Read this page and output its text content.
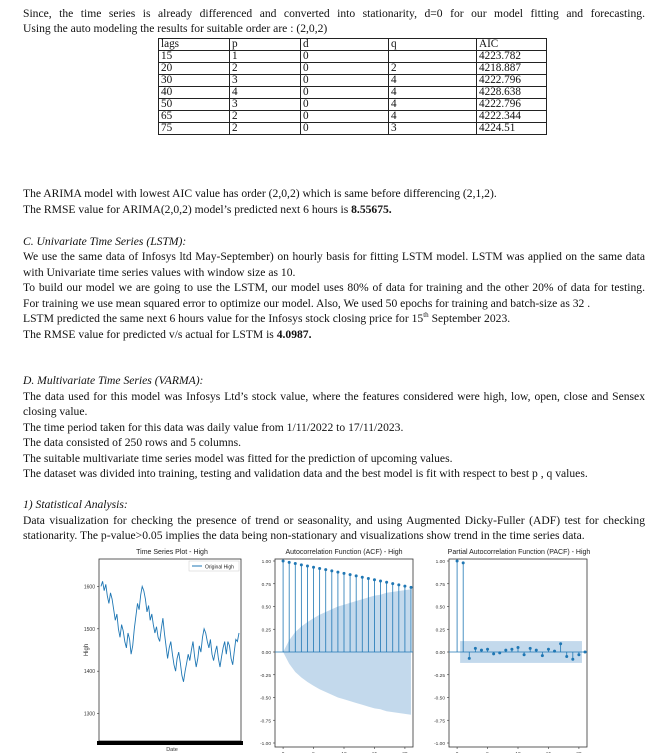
Since, the time series is already differenced and converted into stationarity, d=0 for our model fitting and forecasting.
Using the auto modeling the results for suitable order are : (2,0,2)
lags	p	d	q	AIC
15	1	0		4223.782
20	2	0	2	4218.887
30	3	0	4	4222.796
40	4	0	4	4228.638
50	3	0	4	4222.796
65	2	0	4	4222.344
75	2	0	3	4224.51
The ARIMA model with lowest AIC value has order (2,0,2) which is same before differencing (2,1,2).
The RMSE value for ARIMA(2,0,2) model’s predicted next 6 hours is 8.55675.
C. Univariate Time Series (LSTM):
We use the same data of Infosys ltd May-September) on hourly basis for fitting LSTM model. LSTM was applied on the same data
with Univariate time series values with window size as 10.
To build our model we are going to use the LSTM, our model uses 80% of data for training and the other 20% of data for testing.
For training we use mean squared error to optimize our model. Also, We used 50 epochs for training and batch-size as 32 .
LSTM predicted the same next 6 hours value for the Infosys stock closing price for 15th September 2023.
The RMSE value for predicted v/s actual for LSTM is 4.0987.
D. Multivariate Time Series (VARMA):
The data used for this model was Infosys Ltd’s stock value, where the features considered were high, low, open, close and Sensex
closing value.
The time period taken for this data was daily value from 1/11/2022 to 17/11/2023.
The data consisted of 250 rows and 5 columns.
The suitable multivariate time series model was fitted for the prediction of upcoming values.
The dataset was divided into training, testing and validation data and the best model is fit with respect to best p , q values.
1) Statistical Analysis:
Data visualization for checking the presence of trend or seasonality, and using Augmented Dicky-Fuller (ADF) test for checking
stationarity. The p-value>0.05 implies the data being non-stationary and visualizations show trend in the time series data.
Time Series Plot - High
High
Date
1600
1500
1400
1300
Original High
Autocorrelation Function (ACF) - High
1.00
0.75
0.50
0.25
0.00
-0.25
-0.50
-0.75
-1.00
Partial Autocorrelation Function (PACF) - High
1.00
0.75
0.50
0.25
0.00
-0.25
-0.50
-0.75
-1.00
